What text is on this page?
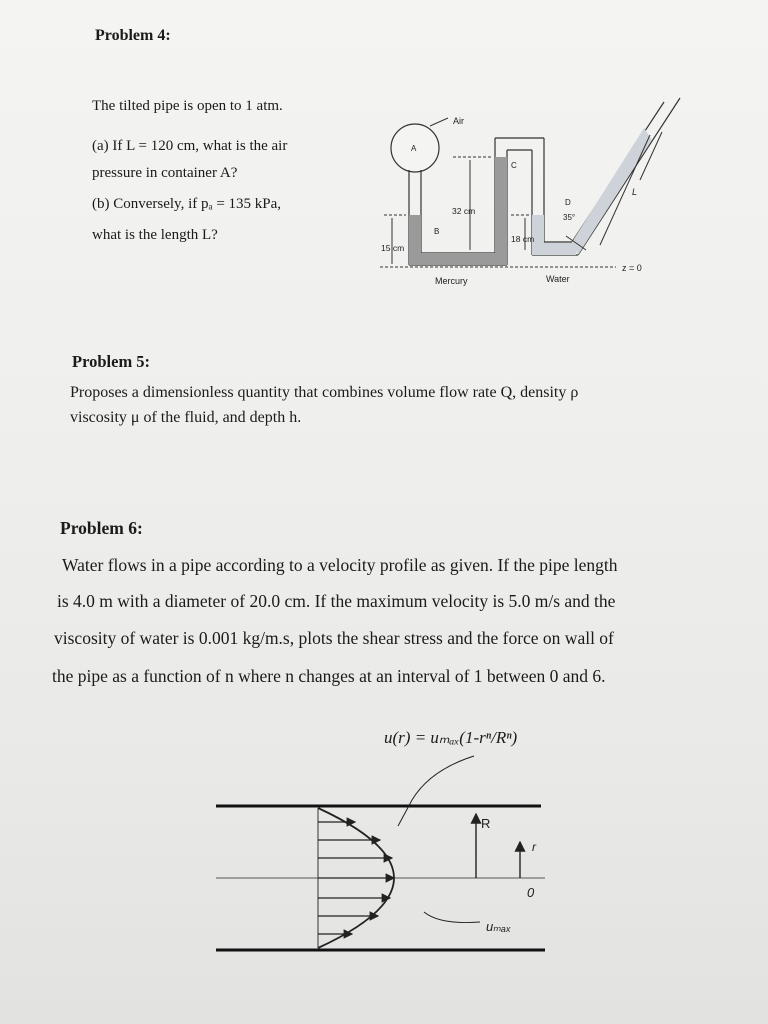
Problem 4:
The tilted pipe is open to 1 atm.
(a) If L = 120 cm, what is the air
pressure in container A?
(b) Conversely, if pₐ = 135 kPa,
what is the length L?
Air
A
B
C
D
L
32 cm
18 cm
15 cm
35°
Mercury	Water
z = 0
Problem 5:
Proposes a dimensionless quantity that combines volume flow rate Q, density ρ
viscosity μ of the fluid, and depth h.
Problem 6:
Water flows in a pipe according to a velocity profile as given. If the pipe length
is 4.0 m with a diameter of 20.0 cm. If the maximum velocity is 5.0 m/s and the
viscosity of water is 0.001 kg/m.s, plots the shear stress and the force on wall of
the pipe as a function of n where n changes at an interval of 1 between 0 and 6.
u(r) = uₘₐₓ(1-rⁿ/Rⁿ)
R
r
0
uₘₐₓ
